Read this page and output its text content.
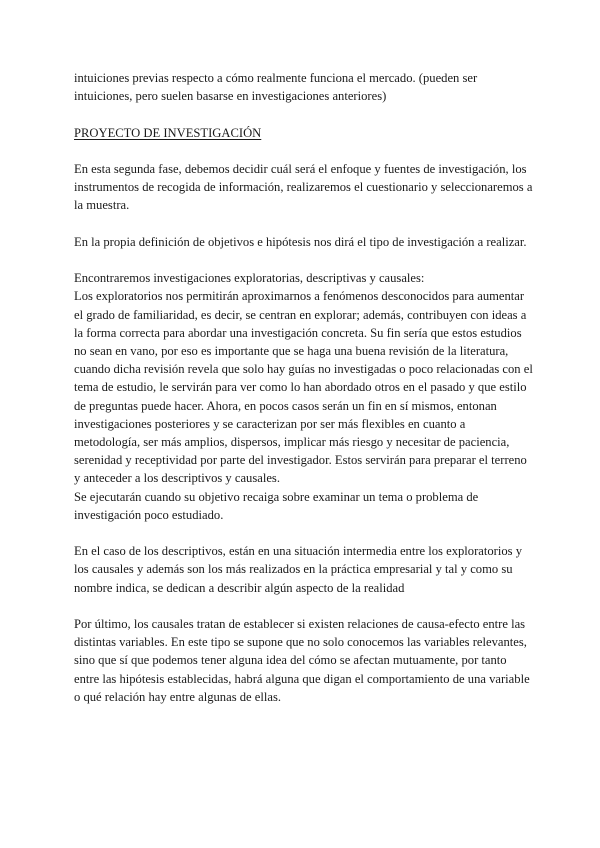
intuiciones previas respecto a cómo realmente funciona el mercado. (pueden ser intuiciones, pero suelen basarse en investigaciones anteriores)

PROYECTO DE INVESTIGACIÓN

En esta segunda fase, debemos decidir cuál será el enfoque y fuentes de investigación, los instrumentos de recogida de información, realizaremos el cuestionario y seleccionaremos a la muestra.

En la propia definición de objetivos e hipótesis nos dirá el tipo de investigación a realizar.

Encontraremos investigaciones exploratorias, descriptivas y causales:

Los exploratorios nos permitirán aproximarnos a fenómenos desconocidos para aumentar el grado de familiaridad, es decir, se centran en explorar; además, contribuyen con ideas a la forma correcta para abordar una investigación concreta. Su fin sería que estos estudios no sean en vano, por eso es importante que se haga una buena revisión de la literatura, cuando dicha revisión revela que solo hay guías no investigadas o poco relacionadas con el tema de estudio, le servirán para ver como lo han abordado otros en el pasado y que estilo de preguntas puede hacer. Ahora, en pocos casos serán un fin en sí mismos, entonan investigaciones posteriores y se caracterizan por ser más flexibles en cuanto a metodología, ser más amplios, dispersos, implicar más riesgo y necesitar de paciencia, serenidad y receptividad por parte del investigador. Estos servirán para preparar el terreno y anteceder a los descriptivos y causales.

Se ejecutarán cuando su objetivo recaiga sobre examinar un tema o problema de investigación poco estudiado.

En el caso de los descriptivos, están en una situación intermedia entre los exploratorios y los causales y además son los más realizados en la práctica empresarial y tal y como su nombre indica, se dedican a describir algún aspecto de la realidad

Por último, los causales tratan de establecer si existen relaciones de causa-efecto entre las distintas variables. En este tipo se supone que no solo conocemos las variables relevantes, sino que sí que podemos tener alguna idea del cómo se afectan mutuamente, por tanto entre las hipótesis establecidas, habrá alguna que digan el comportamiento de una variable o qué relación hay entre algunas de ellas.
